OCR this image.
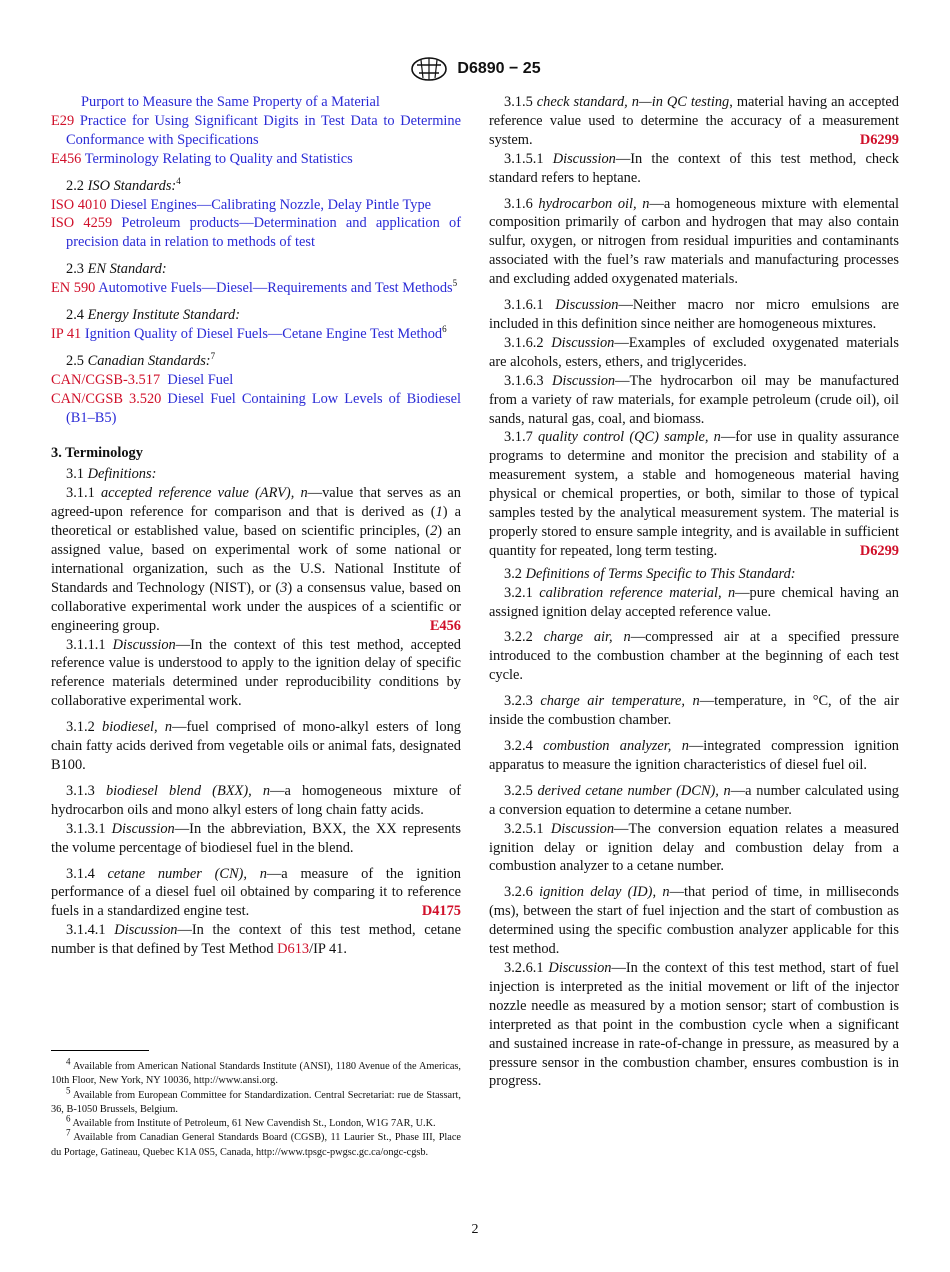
D6890 − 25
Purport to Measure the Same Property of a Material
E29 Practice for Using Significant Digits in Test Data to Determine Conformance with Specifications
E456 Terminology Relating to Quality and Statistics
2.2 ISO Standards:$^4$
ISO 4010 Diesel Engines—Calibrating Nozzle, Delay Pintle Type
ISO 4259 Petroleum products—Determination and application of precision data in relation to methods of test
2.3 EN Standard:
EN 590 Automotive Fuels—Diesel—Requirements and Test Methods$^5$
2.4 Energy Institute Standard:
IP 41 Ignition Quality of Diesel Fuels—Cetane Engine Test Method$^6$
2.5 Canadian Standards:$^7$
CAN/CGSB-3.517 Diesel Fuel
CAN/CGSB 3.520 Diesel Fuel Containing Low Levels of Biodiesel (B1–B5)
3. Terminology
3.1 Definitions:
3.1.1 accepted reference value (ARV), n—value that serves as an agreed-upon reference for comparison and that is derived as (1) a theoretical or established value, based on scientific principles, (2) an assigned value, based on experimental work of some national or international organization, such as the U.S. National Institute of Standards and Technology (NIST), or (3) a consensus value, based on collaborative experimental work under the auspices of a scientific or engineering group.	E456
3.1.1.1 Discussion—In the context of this test method, accepted reference value is understood to apply to the ignition delay of specific reference materials determined under reproducibility conditions by collaborative experimental work.
3.1.2 biodiesel, n—fuel comprised of mono-alkyl esters of long chain fatty acids derived from vegetable oils or animal fats, designated B100.
3.1.3 biodiesel blend (BXX), n—a homogeneous mixture of hydrocarbon oils and mono alkyl esters of long chain fatty acids.
3.1.3.1 Discussion—In the abbreviation, BXX, the XX represents the volume percentage of biodiesel fuel in the blend.
3.1.4 cetane number (CN), n—a measure of the ignition performance of a diesel fuel oil obtained by comparing it to reference fuels in a standardized engine test.	D4175
3.1.4.1 Discussion—In the context of this test method, cetane number is that defined by Test Method D613/IP 41.
3.1.5 check standard, n—in QC testing, material having an accepted reference value used to determine the accuracy of a measurement system.	D6299
3.1.5.1 Discussion—In the context of this test method, check standard refers to heptane.
3.1.6 hydrocarbon oil, n—a homogeneous mixture with elemental composition primarily of carbon and hydrogen that may also contain sulfur, oxygen, or nitrogen from residual impurities and contaminants associated with the fuel’s raw materials and manufacturing processes and excluding added oxygenated materials.
3.1.6.1 Discussion—Neither macro nor micro emulsions are included in this definition since neither are homogeneous mixtures.
3.1.6.2 Discussion—Examples of excluded oxygenated materials are alcohols, esters, ethers, and triglycerides.
3.1.6.3 Discussion—The hydrocarbon oil may be manufactured from a variety of raw materials, for example petroleum (crude oil), oil sands, natural gas, coal, and biomass.
3.1.7 quality control (QC) sample, n—for use in quality assurance programs to determine and monitor the precision and stability of a measurement system, a stable and homogeneous material having physical or chemical properties, or both, similar to those of typical samples tested by the analytical measurement system. The material is properly stored to ensure sample integrity, and is available in sufficient quantity for repeated, long term testing.	D6299
3.2 Definitions of Terms Specific to This Standard:
3.2.1 calibration reference material, n—pure chemical having an assigned ignition delay accepted reference value.
3.2.2 charge air, n—compressed air at a specified pressure introduced to the combustion chamber at the beginning of each test cycle.
3.2.3 charge air temperature, n—temperature, in °C, of the air inside the combustion chamber.
3.2.4 combustion analyzer, n—integrated compression ignition apparatus to measure the ignition characteristics of diesel fuel oil.
3.2.5 derived cetane number (DCN), n—a number calculated using a conversion equation to determine a cetane number.
3.2.5.1 Discussion—The conversion equation relates a measured ignition delay or ignition delay and combustion delay from a combustion analyzer to a cetane number.
3.2.6 ignition delay (ID), n—that period of time, in milliseconds (ms), between the start of fuel injection and the start of combustion as determined using the specific combustion analyzer applicable for this test method.
3.2.6.1 Discussion—In the context of this test method, start of fuel injection is interpreted as the initial movement or lift of the injector nozzle needle as measured by a motion sensor; start of combustion is interpreted as that point in the combustion cycle when a significant and sustained increase in rate-of-change in pressure, as measured by a pressure sensor in the combustion chamber, ensures combustion is in progress.
$^4$ Available from American National Standards Institute (ANSI), 1180 Avenue of the Americas, 10th Floor, New York, NY 10036, http://www.ansi.org.
$^5$ Available from European Committee for Standardization. Central Secretariat: rue de Stassart, 36, B-1050 Brussels, Belgium.
$^6$ Available from Institute of Petroleum, 61 New Cavendish St., London, W1G 7AR, U.K.
$^7$ Available from Canadian General Standards Board (CGSB), 11 Laurier St., Phase III, Place du Portage, Gatineau, Quebec K1A 0S5, Canada, http://www.tpsgc-pwgsc.gc.ca/ongc-cgsb.
2
